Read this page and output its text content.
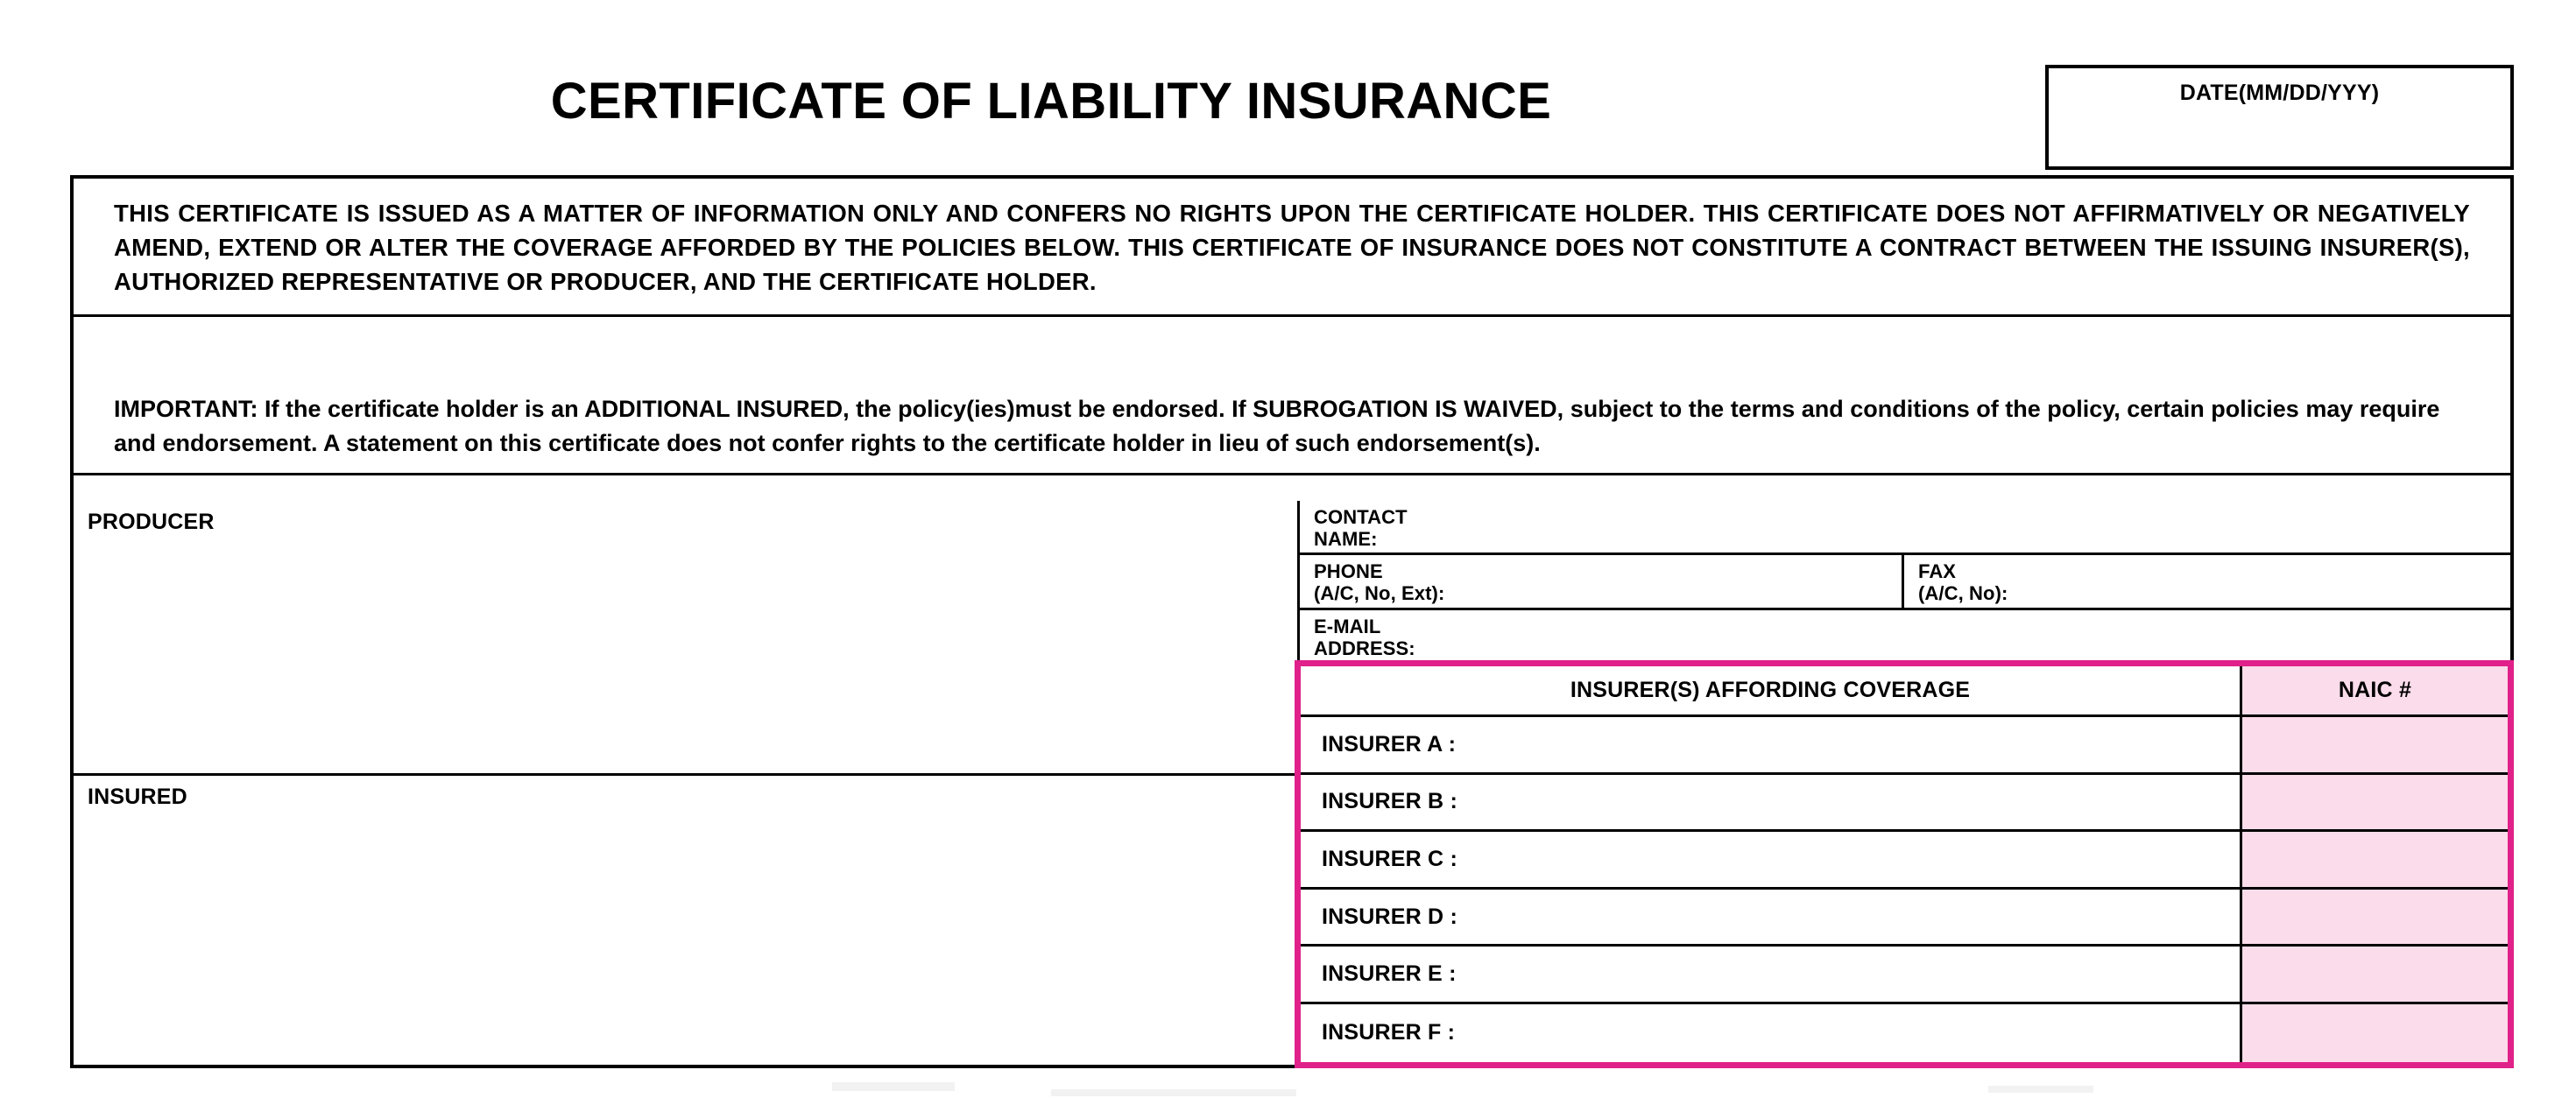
CERTIFICATE OF LIABILITY INSURANCE	DATE(MM/DD/YYY)
THIS CERTIFICATE IS ISSUED AS A MATTER OF INFORMATION ONLY AND CONFERS NO RIGHTS UPON THE CERTIFICATE HOLDER. THIS CERTIFICATE DOES NOT AFFIRMATIVELY OR NEGATIVELY AMEND, EXTEND OR ALTER THE COVERAGE AFFORDED BY THE POLICIES BELOW. THIS CERTIFICATE OF INSURANCE DOES NOT CONSTITUTE A CONTRACT BETWEEN THE ISSUING INSURER(S), AUTHORIZED REPRESENTATIVE OR PRODUCER, AND THE CERTIFICATE HOLDER.
IMPORTANT: If the certificate holder is an ADDITIONAL INSURED, the policy(ies)must be endorsed. If SUBROGATION IS WAIVED, subject to the terms and conditions of the policy, certain policies may require and endorsement. A statement on this certificate does not confer rights to the certificate holder in lieu of such endorsement(s).
PRODUCER
INSURED
CONTACT
NAME:
PHONE
(A/C, No, Ext):
FAX
(A/C, No):
E-MAIL
ADDRESS:
INSURER(S) AFFORDING COVERAGE	NAIC #
INSURER A :
INSURER B :
INSURER C :
INSURER D :
INSURER E :
INSURER F :
